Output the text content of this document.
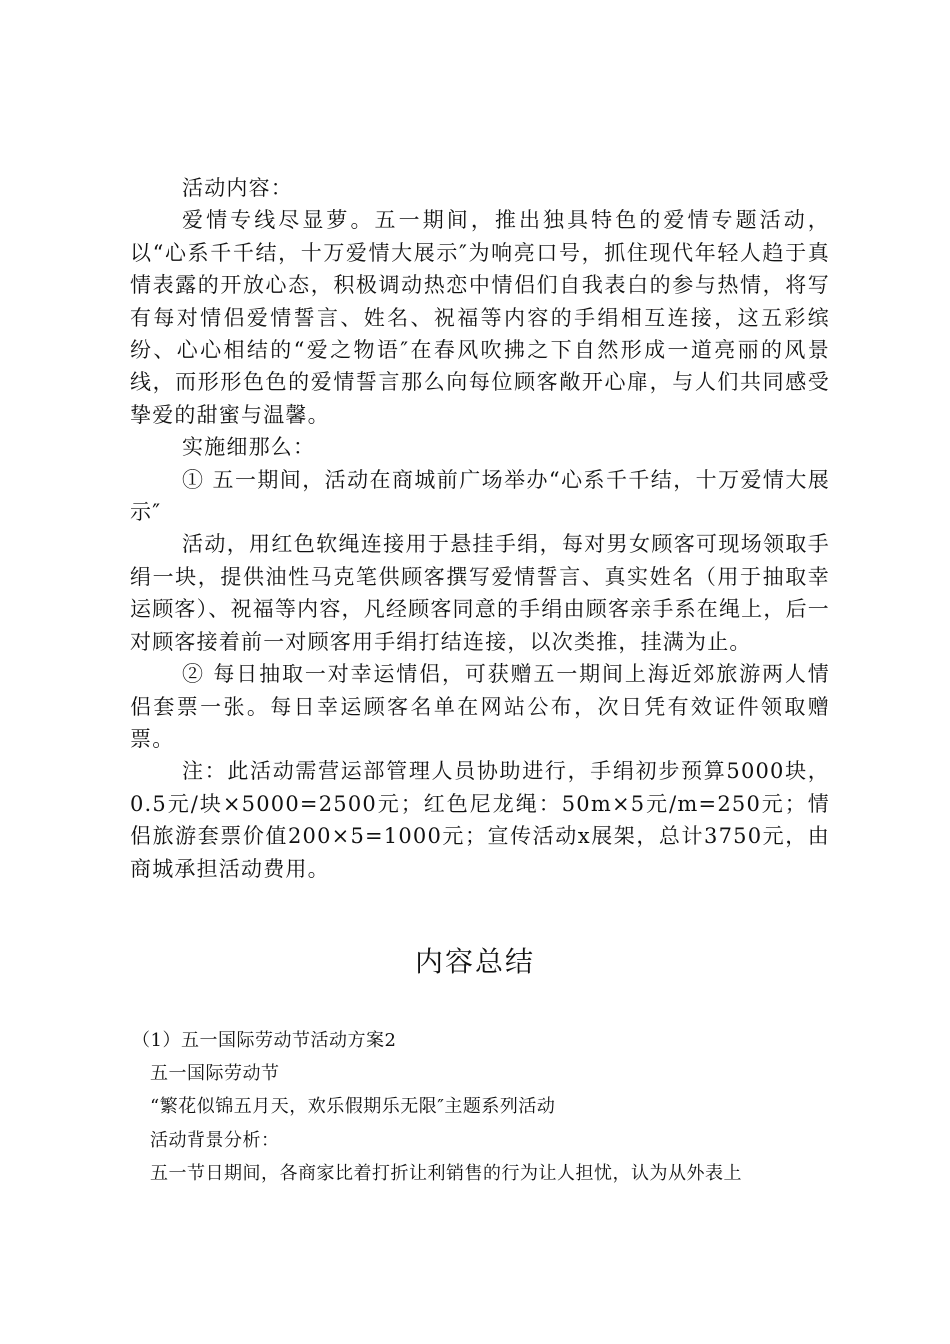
活动内容：

爱情专线尽显萝。五一期间，推出独具特色的爱情专题活动，以“心系千千结，十万爱情大展示″为响亮口号，抓住现代年轻人趋于真情表露的开放心态，积极调动热恋中情侣们自我表白的参与热情，将写有每对情侣爱情誓言、姓名、祝福等内容的手绢相互连接，这五彩缤纷、心心相结的“爱之物语″在春风吹拂之下自然形成一道亮丽的风景线，而形形色色的爱情誓言那么向每位顾客敞开心扉，与人们共同感受挚爱的甜蜜与温馨。

实施细那么：

① 五一期间，活动在商城前广场举办“心系千千结，十万爱情大展示″

活动，用红色软绳连接用于悬挂手绢，每对男女顾客可现场领取手绢一块，提供油性马克笔供顾客撰写爱情誓言、真实姓名（用于抽取幸运顾客）、祝福等内容，凡经顾客同意的手绢由顾客亲手系在绳上，后一对顾客接着前一对顾客用手绢打结连接，以次类推，挂满为止。

② 每日抽取一对幸运情侣，可获赠五一期间上海近郊旅游两人情侣套票一张。每日幸运顾客名单在网站公布，次日凭有效证件领取赠票。

注：此活动需营运部管理人员协助进行，手绢初步预算5000块，0.5元/块×5000=2500元；红色尼龙绳：50m×5元/m=250元；情侣旅游套票价值200×5=1000元；宣传活动x展架，总计3750元，由商城承担活动费用。

内容总结

（1）五一国际劳动节活动方案2

五一国际劳动节

“繁花似锦五月天，欢乐假期乐无限″主题系列活动

活动背景分析：

五一节日期间，各商家比着打折让利销售的行为让人担忧，认为从外表上
